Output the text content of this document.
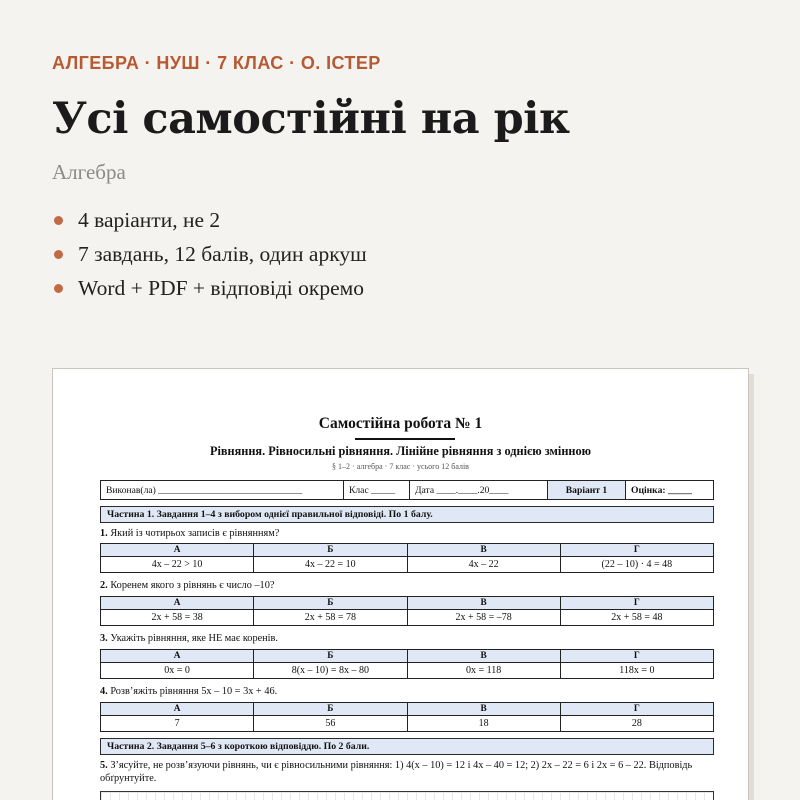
АЛГЕБРА · НУШ · 7 КЛАС · О. ІСТЕР
Усі самостійні на рік
Алгебра
4 варіанти, не 2
7 завдань, 12 балів, один аркуш
Word + PDF + відповіді окремо
Самостійна робота № 1
Рівняння. Рівносильні рівняння. Лінійне рівняння з однією змінною
§ 1–2 · алгебра · 7 клас · усього 12 балів
Виконав(ла) ______________________________	Клас _____	Дата ____.____.20____	Варіант 1	Оцінка: _____
Частина 1. Завдання 1–4 з вибором однієї правильної відповіді. По 1 балу.
1. Який із чотирьох записів є рівнянням?
А	Б	В	Г
4x – 22 > 10	4x – 22 = 10	4x – 22	(22 – 10) · 4 = 48
2. Коренем якого з рівнянь є число –10?
А	Б	В	Г
2x + 58 = 38	2x + 58 = 78	2x + 58 = –78	2x + 58 = 48
3. Укажіть рівняння, яке НЕ має коренів.
А	Б	В	Г
0x = 0	8(x – 10) = 8x – 80	0x = 118	118x = 0
4. Розв’яжіть рівняння 5x – 10 = 3x + 46.
А	Б	В	Г
7	56	18	28
Частина 2. Завдання 5–6 з короткою відповіддю. По 2 бали.
5. З’ясуйте, не розв’язуючи рівнянь, чи є рівносильними рівняння: 1) 4(x – 10) = 12 і 4x – 40 = 12; 2) 2x – 22 = 6 і 2x = 6 – 22. Відповідь обґрунтуйте.
